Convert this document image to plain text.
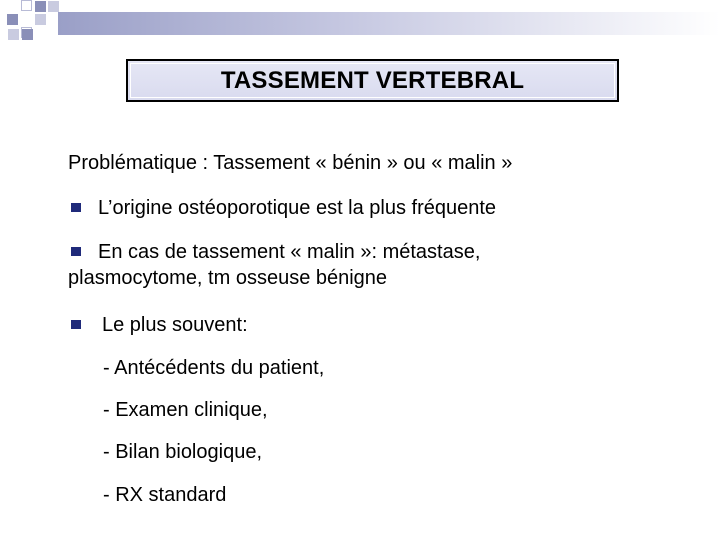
TASSEMENT VERTEBRAL
Problématique : Tassement « bénin » ou « malin »
L’origine ostéoporotique est la plus fréquente
En cas de tassement « malin »: métastase,
plasmocytome, tm osseuse bénigne
Le plus souvent:
- Antécédents du patient,
- Examen clinique,
- Bilan biologique,
- RX standard
